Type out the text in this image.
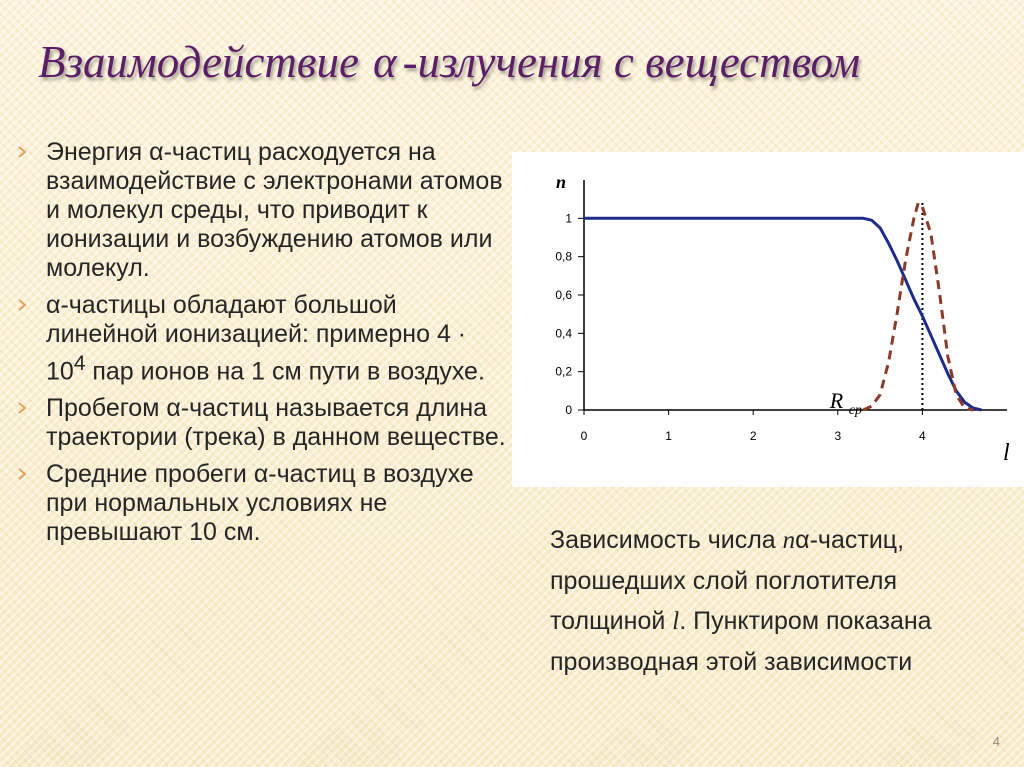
Взаимодействие α -излучения с веществом
Энергия α-частиц расходуется на взаимодействие с электронами атомов и молекул среды, что приводит к ионизации и возбуждению атомов или молекул.
α-частицы обладают большой линейной ионизацией: примерно $4 \cdot 10^4$ пар ионов на 1 см пути в воздухе.
Пробегом α-частиц называется длина траектории (трека) в данном веществе.
Средние пробеги α-частиц в воздухе при нормальных условиях не превышают 10 см.
0
0,2
0,4
0,6
0,8
1
0	1	2	3	4
n
l
R $_{ср}$
Зависимость числа nα-частиц, прошедших слой поглотителя толщиной l. Пунктиром показана производная этой зависимости
4
